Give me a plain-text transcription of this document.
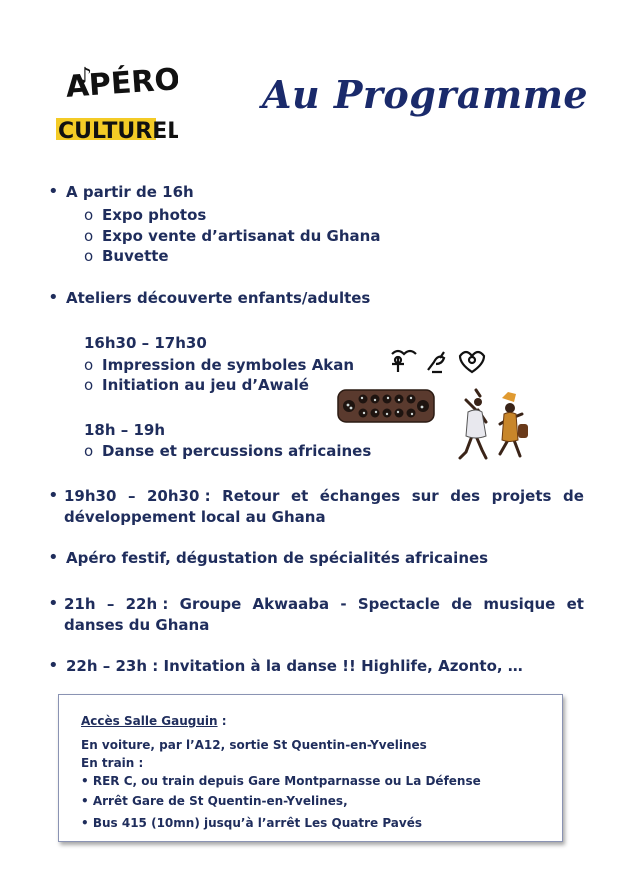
APÉROS
♪
CULTUREL
Au Programme
• A partir de 16h
o Expo photos
o Expo vente d’artisanat du Ghana
o Buvette
• Ateliers découverte enfants/adultes
16h30 – 17h30
o Impression de symboles Akan
o Initiation au jeu d’Awalé
18h – 19h
o Danse et percussions africaines
• 19h30 – 20h30 : Retour et échanges sur des projets de
développement local au Ghana
• Apéro festif, dégustation de spécialités africaines
• 21h – 22h : Groupe Akwaaba - Spectacle de musique et
danses du Ghana
• 22h – 23h : Invitation à la danse !! Highlife, Azonto, …
Accès Salle Gauguin :
En voiture, par l’A12, sortie St Quentin-en-Yvelines
En train :
• RER C, ou train depuis Gare Montparnasse ou La Défense
• Arrêt Gare de St Quentin-en-Yvelines,
• Bus 415 (10mn) jusqu’à l’arrêt Les Quatre Pavés
